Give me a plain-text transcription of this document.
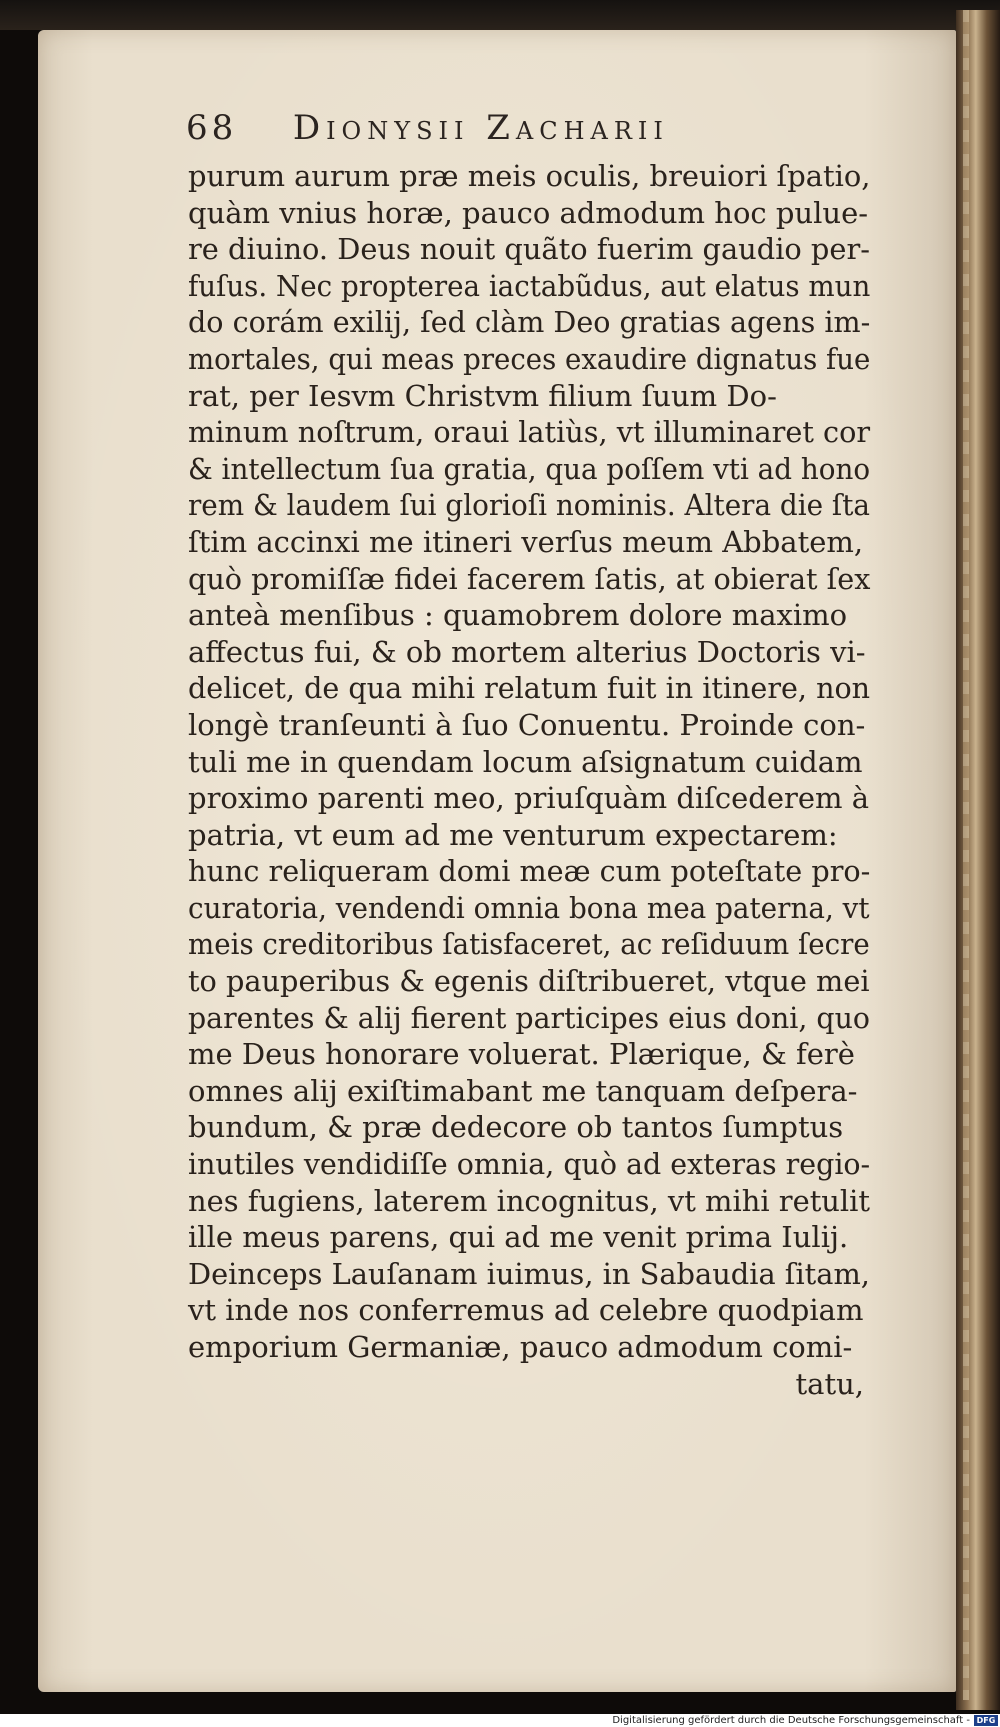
68 Dionysii Zacharii
purum aurum præ meis oculis, breuiori ſpatio,
quàm vnius horæ, pauco admodum hoc pulue-
re diuino. Deus nouit quãto fuerim gaudio per-
fuſus. Nec propterea iactabũdus, aut elatus mun
do corám exilij, ſed clàm Deo gratias agens im-
mortales, qui meas preces exaudire dignatus fue
rat, per Iesvm Christvm filium ſuum Do-
minum noſtrum, oraui latiùs, vt illuminaret cor
& intellectum ſua gratia, qua poſſem vti ad hono
rem & laudem ſui glorioſi nominis. Altera die ſta
ſtim accinxi me itineri verſus meum Abbatem,
quò promiſſæ fidei facerem ſatis, at obierat ſex
anteà menſibus : quamobrem dolore maximo
affectus fui, & ob mortem alterius Doctoris vi-
delicet, de qua mihi relatum fuit in itinere, non
longè tranſeunti à ſuo Conuentu. Proinde con-
tuli me in quendam locum aſsignatum cuidam
proximo parenti meo, priuſquàm diſcederem à
patria, vt eum ad me venturum expectarem:
hunc reliqueram domi meæ cum poteſtate pro-
curatoria, vendendi omnia bona mea paterna, vt
meis creditoribus ſatisfaceret, ac reſiduum ſecre
to pauperibus & egenis diſtribueret, vtque mei
parentes & alij fierent participes eius doni, quo
me Deus honorare voluerat. Plærique, & ferè
omnes alij exiſtimabant me tanquam deſpera-
bundum, & præ dedecore ob tantos ſumptus
inutiles vendidiſſe omnia, quò ad exteras regio-
nes fugiens, laterem incognitus, vt mihi retulit
ille meus parens, qui ad me venit prima Iulij.
Deinceps Lauſanam iuimus, in Sabaudia ſitam,
vt inde nos conferremus ad celebre quodpiam
emporium Germaniæ, pauco admodum comi-
tatu,
Digitalisierung gefördert durch die Deutsche Forschungsgemeinschaft - DFG
